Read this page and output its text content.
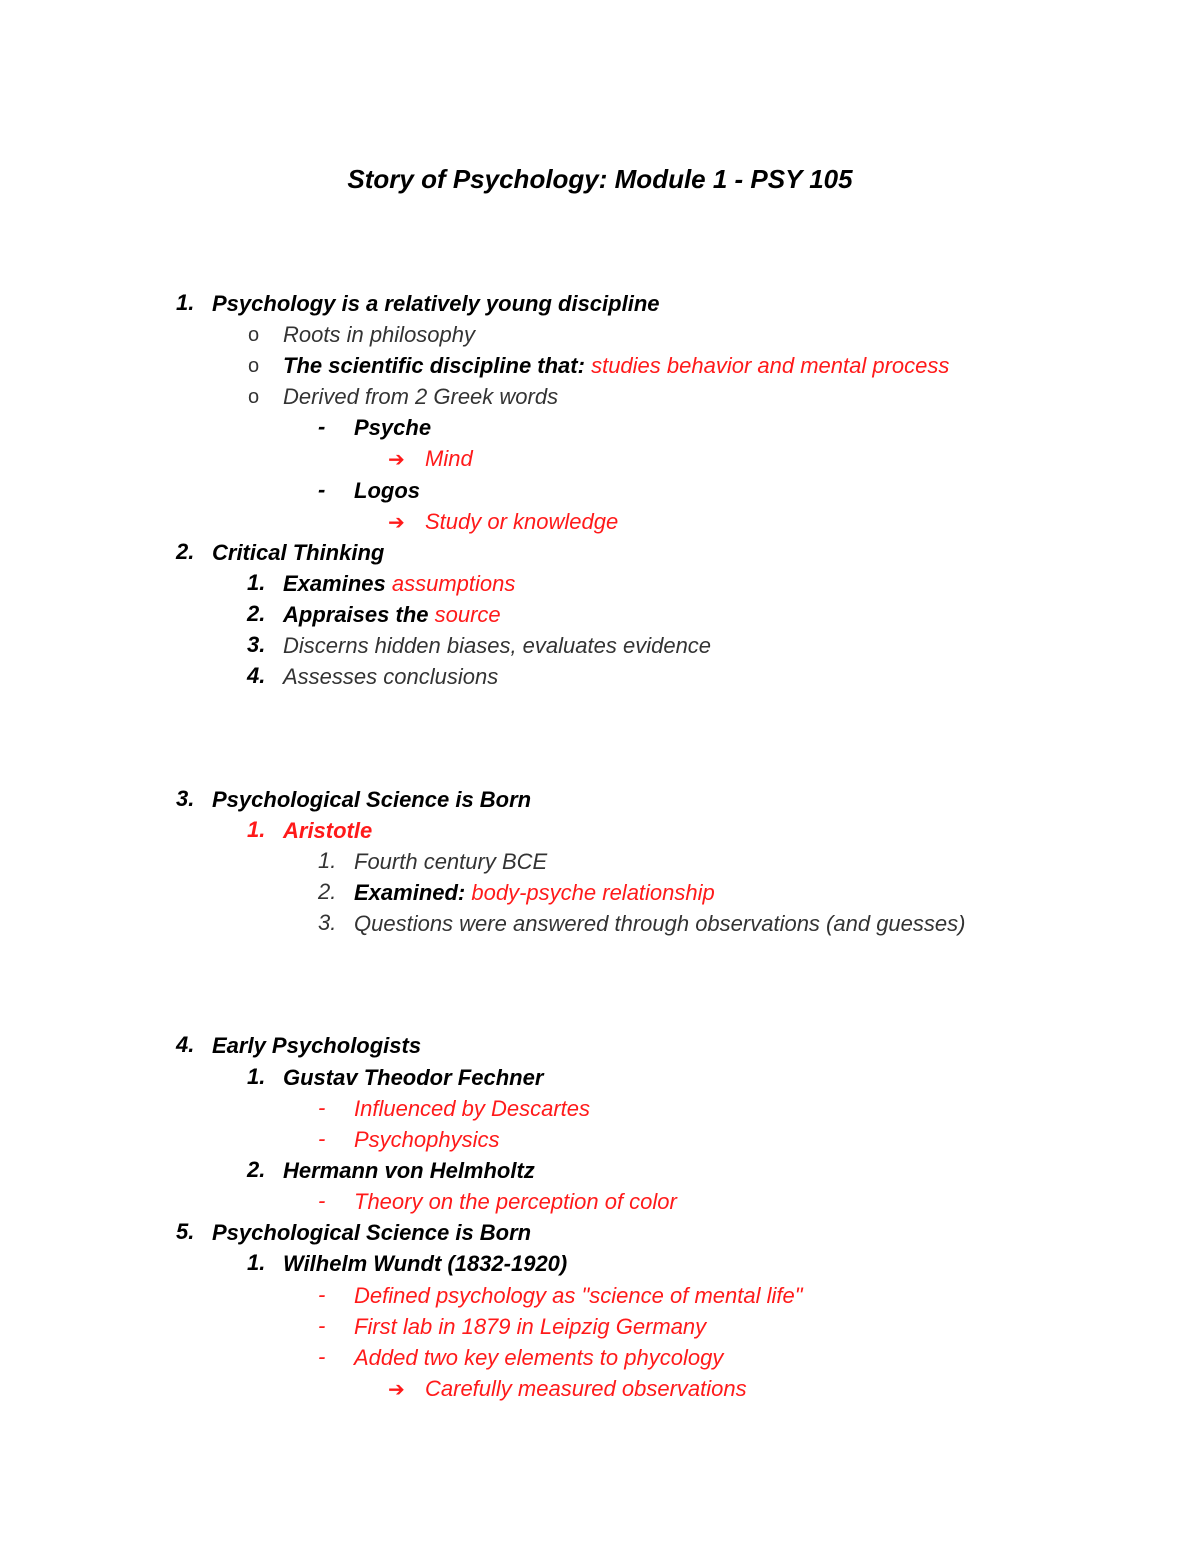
Story of Psychology: Module 1 - PSY 105
1. Psychology is a relatively young discipline
o Roots in philosophy
o The scientific discipline that: studies behavior and mental process
o Derived from 2 Greek words
- Psyche
➔ Mind
- Logos
➔ Study or knowledge
2. Critical Thinking
1. Examines assumptions
2. Appraises the source
3. Discerns hidden biases, evaluates evidence
4. Assesses conclusions
3. Psychological Science is Born
1. Aristotle
1. Fourth century BCE
2. Examined: body-psyche relationship
3. Questions were answered through observations (and guesses)
4. Early Psychologists
1. Gustav Theodor Fechner
- Influenced by Descartes
- Psychophysics
2. Hermann von Helmholtz
- Theory on the perception of color
5. Psychological Science is Born
1. Wilhelm Wundt (1832-1920)
- Defined psychology as "science of mental life"
- First lab in 1879 in Leipzig Germany
- Added two key elements to phycology
➔ Carefully measured observations
